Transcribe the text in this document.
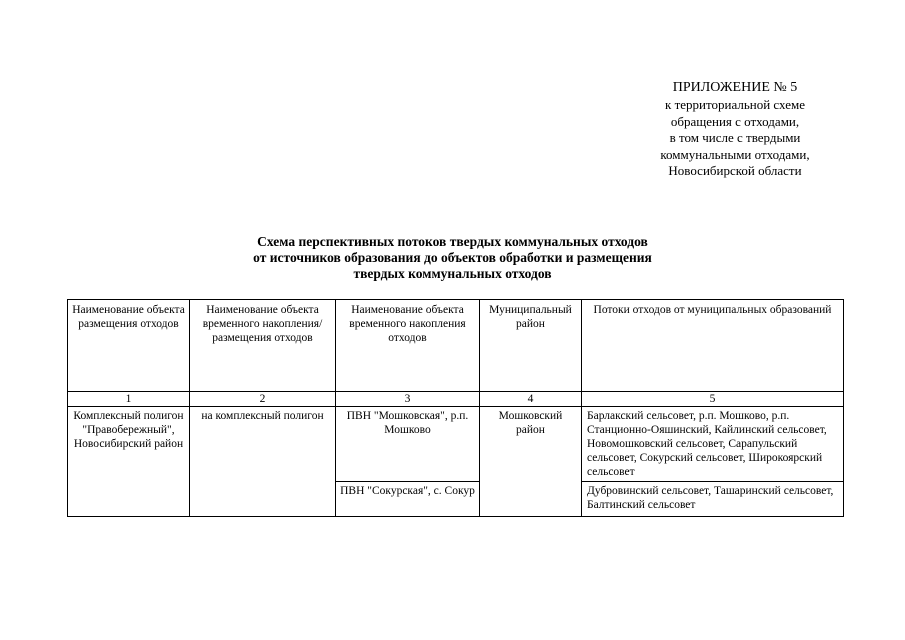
ПРИЛОЖЕНИЕ № 5
к территориальной схеме
обращения с отходами,
в том числе с твердыми
коммунальными отходами,
Новосибирской области
Схема перспективных потоков твердых коммунальных отходов
от источников образования до объектов обработки и размещения
твердых коммунальных отходов
Наименование объекта размещения отходов	Наименование объекта временного накопления/размещения отходов	Наименование объекта временного накопления отходов	Муниципальный район	Потоки отходов от муниципальных образований
1	2	3	4	5
Комплексный полигон "Правобережный", Новосибирский район	на комплексный полигон	ПВН "Мошковская", р.п. Мошково	Мошковский район	Барлакский сельсовет, р.п. Мошково, р.п. Станционно-Ояшинский, Кайлинский сельсовет, Новомошковский сельсовет, Сарапульский сельсовет, Сокурский сельсовет, Широкоярский сельсовет
		ПВН "Сокурская", с. Сокур		Дубровинский сельсовет, Ташаринский сельсовет, Балтинский сельсовет
